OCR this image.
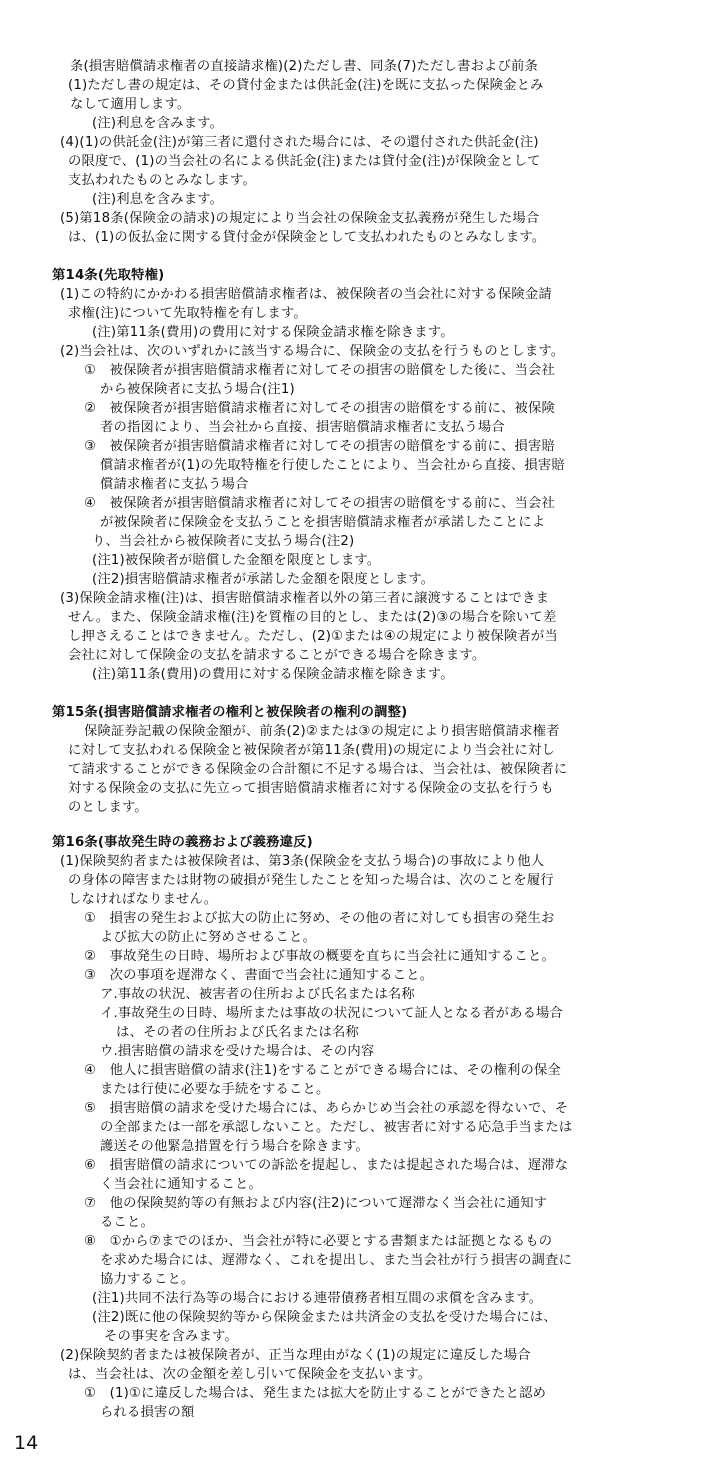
条(損害賠償請求権者の直接請求権)(2)ただし書、同条(7)ただし書および前条
(1)ただし書の規定は、その貸付金または供託金(注)を既に支払った保険金とみ
なして適用します。
(注)利息を含みます。
(4)(1)の供託金(注)が第三者に還付された場合には、その還付された供託金(注)
の限度で、(1)の当会社の名による供託金(注)または貸付金(注)が保険金として
支払われたものとみなします。
(注)利息を含みます。
(5)第18条(保険金の請求)の規定により当会社の保険金支払義務が発生した場合
は、(1)の仮払金に関する貸付金が保険金として支払われたものとみなします。
第14条(先取特権)
(1)この特約にかかわる損害賠償請求権者は、被保険者の当会社に対する保険金請
求権(注)について先取特権を有します。
(注)第11条(費用)の費用に対する保険金請求権を除きます。
(2)当会社は、次のいずれかに該当する場合に、保険金の支払を行うものとします。
①　被保険者が損害賠償請求権者に対してその損害の賠償をした後に、当会社
から被保険者に支払う場合(注1)
②　被保険者が損害賠償請求権者に対してその損害の賠償をする前に、被保険
者の指図により、当会社から直接、損害賠償請求権者に支払う場合
③　被保険者が損害賠償請求権者に対してその損害の賠償をする前に、損害賠
償請求権者が(1)の先取特権を行使したことにより、当会社から直接、損害賠
償請求権者に支払う場合
④　被保険者が損害賠償請求権者に対してその損害の賠償をする前に、当会社
が被保険者に保険金を支払うことを損害賠償請求権者が承諾したことによ
り、当会社から被保険者に支払う場合(注2)
(注1)被保険者が賠償した金額を限度とします。
(注2)損害賠償請求権者が承諾した金額を限度とします。
(3)保険金請求権(注)は、損害賠償請求権者以外の第三者に譲渡することはできま
せん。また、保険金請求権(注)を質権の目的とし、または(2)③の場合を除いて差
し押さえることはできません。ただし、(2)①または④の規定により被保険者が当
会社に対して保険金の支払を請求することができる場合を除きます。
(注)第11条(費用)の費用に対する保険金請求権を除きます。
第15条(損害賠償請求権者の権利と被保険者の権利の調整)
保険証券記載の保険金額が、前条(2)②または③の規定により損害賠償請求権者
に対して支払われる保険金と被保険者が第11条(費用)の規定により当会社に対し
て請求することができる保険金の合計額に不足する場合は、当会社は、被保険者に
対する保険金の支払に先立って損害賠償請求権者に対する保険金の支払を行うも
のとします。
第16条(事故発生時の義務および義務違反)
(1)保険契約者または被保険者は、第3条(保険金を支払う場合)の事故により他人
の身体の障害または財物の破損が発生したことを知った場合は、次のことを履行
しなければなりません。
①　損害の発生および拡大の防止に努め、その他の者に対しても損害の発生お
よび拡大の防止に努めさせること。
②　事故発生の日時、場所および事故の概要を直ちに当会社に通知すること。
③　次の事項を遅滞なく、書面で当会社に通知すること。
ア.事故の状況、被害者の住所および氏名または名称
イ.事故発生の日時、場所または事故の状況について証人となる者がある場合
は、その者の住所および氏名または名称
ウ.損害賠償の請求を受けた場合は、その内容
④　他人に損害賠償の請求(注1)をすることができる場合には、その権利の保全
または行使に必要な手続をすること。
⑤　損害賠償の請求を受けた場合には、あらかじめ当会社の承認を得ないで、そ
の全部または一部を承認しないこと。ただし、被害者に対する応急手当または
護送その他緊急措置を行う場合を除きます。
⑥　損害賠償の請求についての訴訟を提起し、または提起された場合は、遅滞な
く当会社に通知すること。
⑦　他の保険契約等の有無および内容(注2)について遅滞なく当会社に通知す
ること。
⑧　①から⑦までのほか、当会社が特に必要とする書類または証拠となるもの
を求めた場合には、遅滞なく、これを提出し、また当会社が行う損害の調査に
協力すること。
(注1)共同不法行為等の場合における連帯債務者相互間の求償を含みます。
(注2)既に他の保険契約等から保険金または共済金の支払を受けた場合には、
その事実を含みます。
(2)保険契約者または被保険者が、正当な理由がなく(1)の規定に違反した場合
は、当会社は、次の金額を差し引いて保険金を支払います。
①　(1)①に違反した場合は、発生または拡大を防止することができたと認め
られる損害の額
14
